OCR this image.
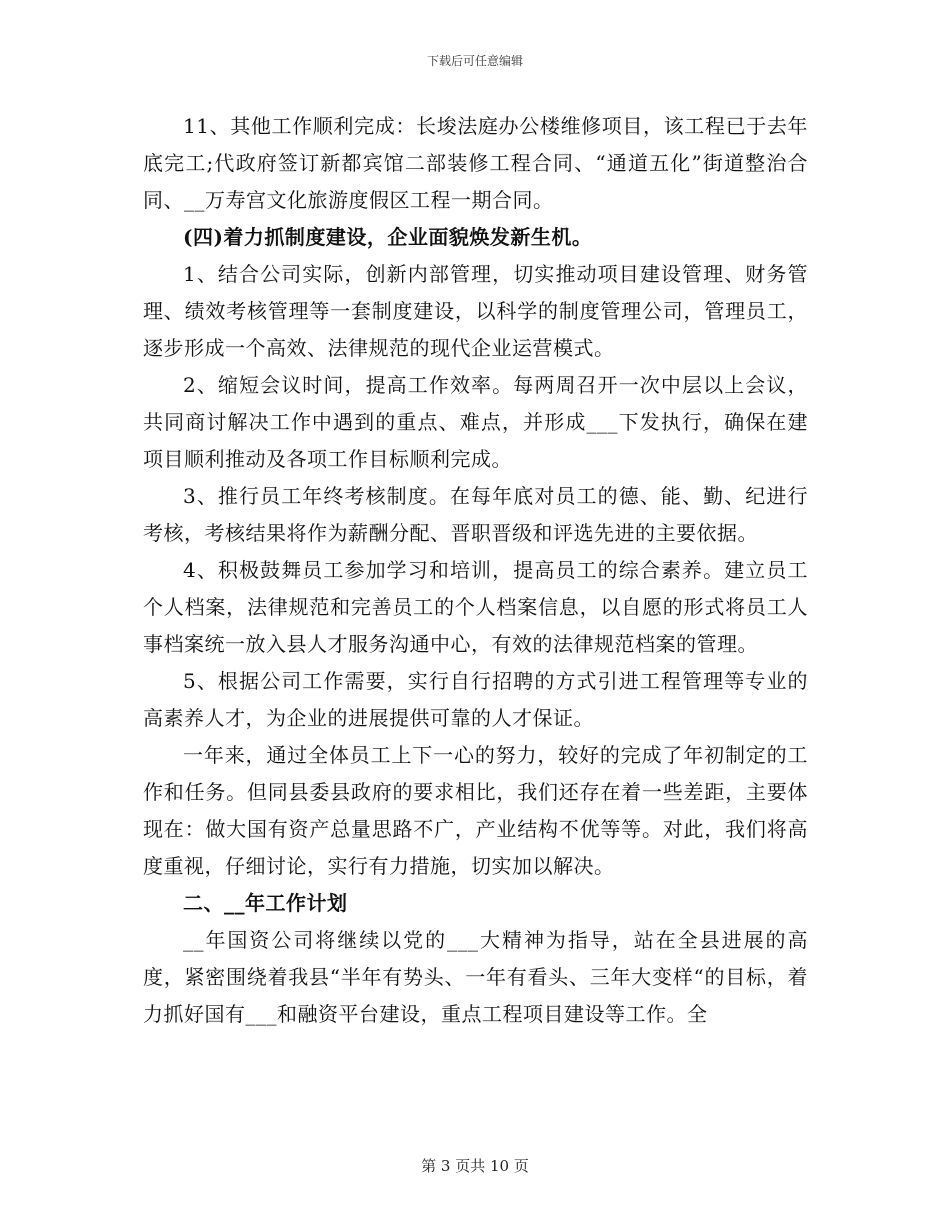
下载后可任意编辑

11、其他工作顺利完成：长埈法庭办公楼维修项目，该工程已于去年底完工;代政府签订新都宾馆二部装修工程合同、“通道五化”街道整治合同、__万寿宫文化旅游度假区工程一期合同。

(四)着力抓制度建设，企业面貌焕发新生机。

1、结合公司实际，创新内部管理，切实推动项目建设管理、财务管理、绩效考核管理等一套制度建设，以科学的制度管理公司，管理员工，逐步形成一个高效、法律规范的现代企业运营模式。

2、缩短会议时间，提高工作效率。每两周召开一次中层以上会议，共同商讨解决工作中遇到的重点、难点，并形成___下发执行，确保在建项目顺利推动及各项工作目标顺利完成。

3、推行员工年终考核制度。在每年底对员工的德、能、勤、纪进行考核，考核结果将作为薪酬分配、晋职晋级和评选先进的主要依据。

4、积极鼓舞员工参加学习和培训，提高员工的综合素养。建立员工个人档案，法律规范和完善员工的个人档案信息，以自愿的形式将员工人事档案统一放入县人才服务沟通中心，有效的法律规范档案的管理。

5、根据公司工作需要，实行自行招聘的方式引进工程管理等专业的高素养人才，为企业的进展提供可靠的人才保证。

一年来，通过全体员工上下一心的努力，较好的完成了年初制定的工作和任务。但同县委县政府的要求相比，我们还存在着一些差距，主要体现在：做大国有资产总量思路不广，产业结构不优等等。对此，我们将高度重视，仔细讨论，实行有力措施，切实加以解决。

二、__年工作计划

__年国资公司将继续以党的___大精神为指导，站在全县进展的高度，紧密围绕着我县“半年有势头、一年有看头、三年大变样“的目标，着力抓好国有___和融资平台建设，重点工程项目建设等工作。全

第 3 页共 10 页
